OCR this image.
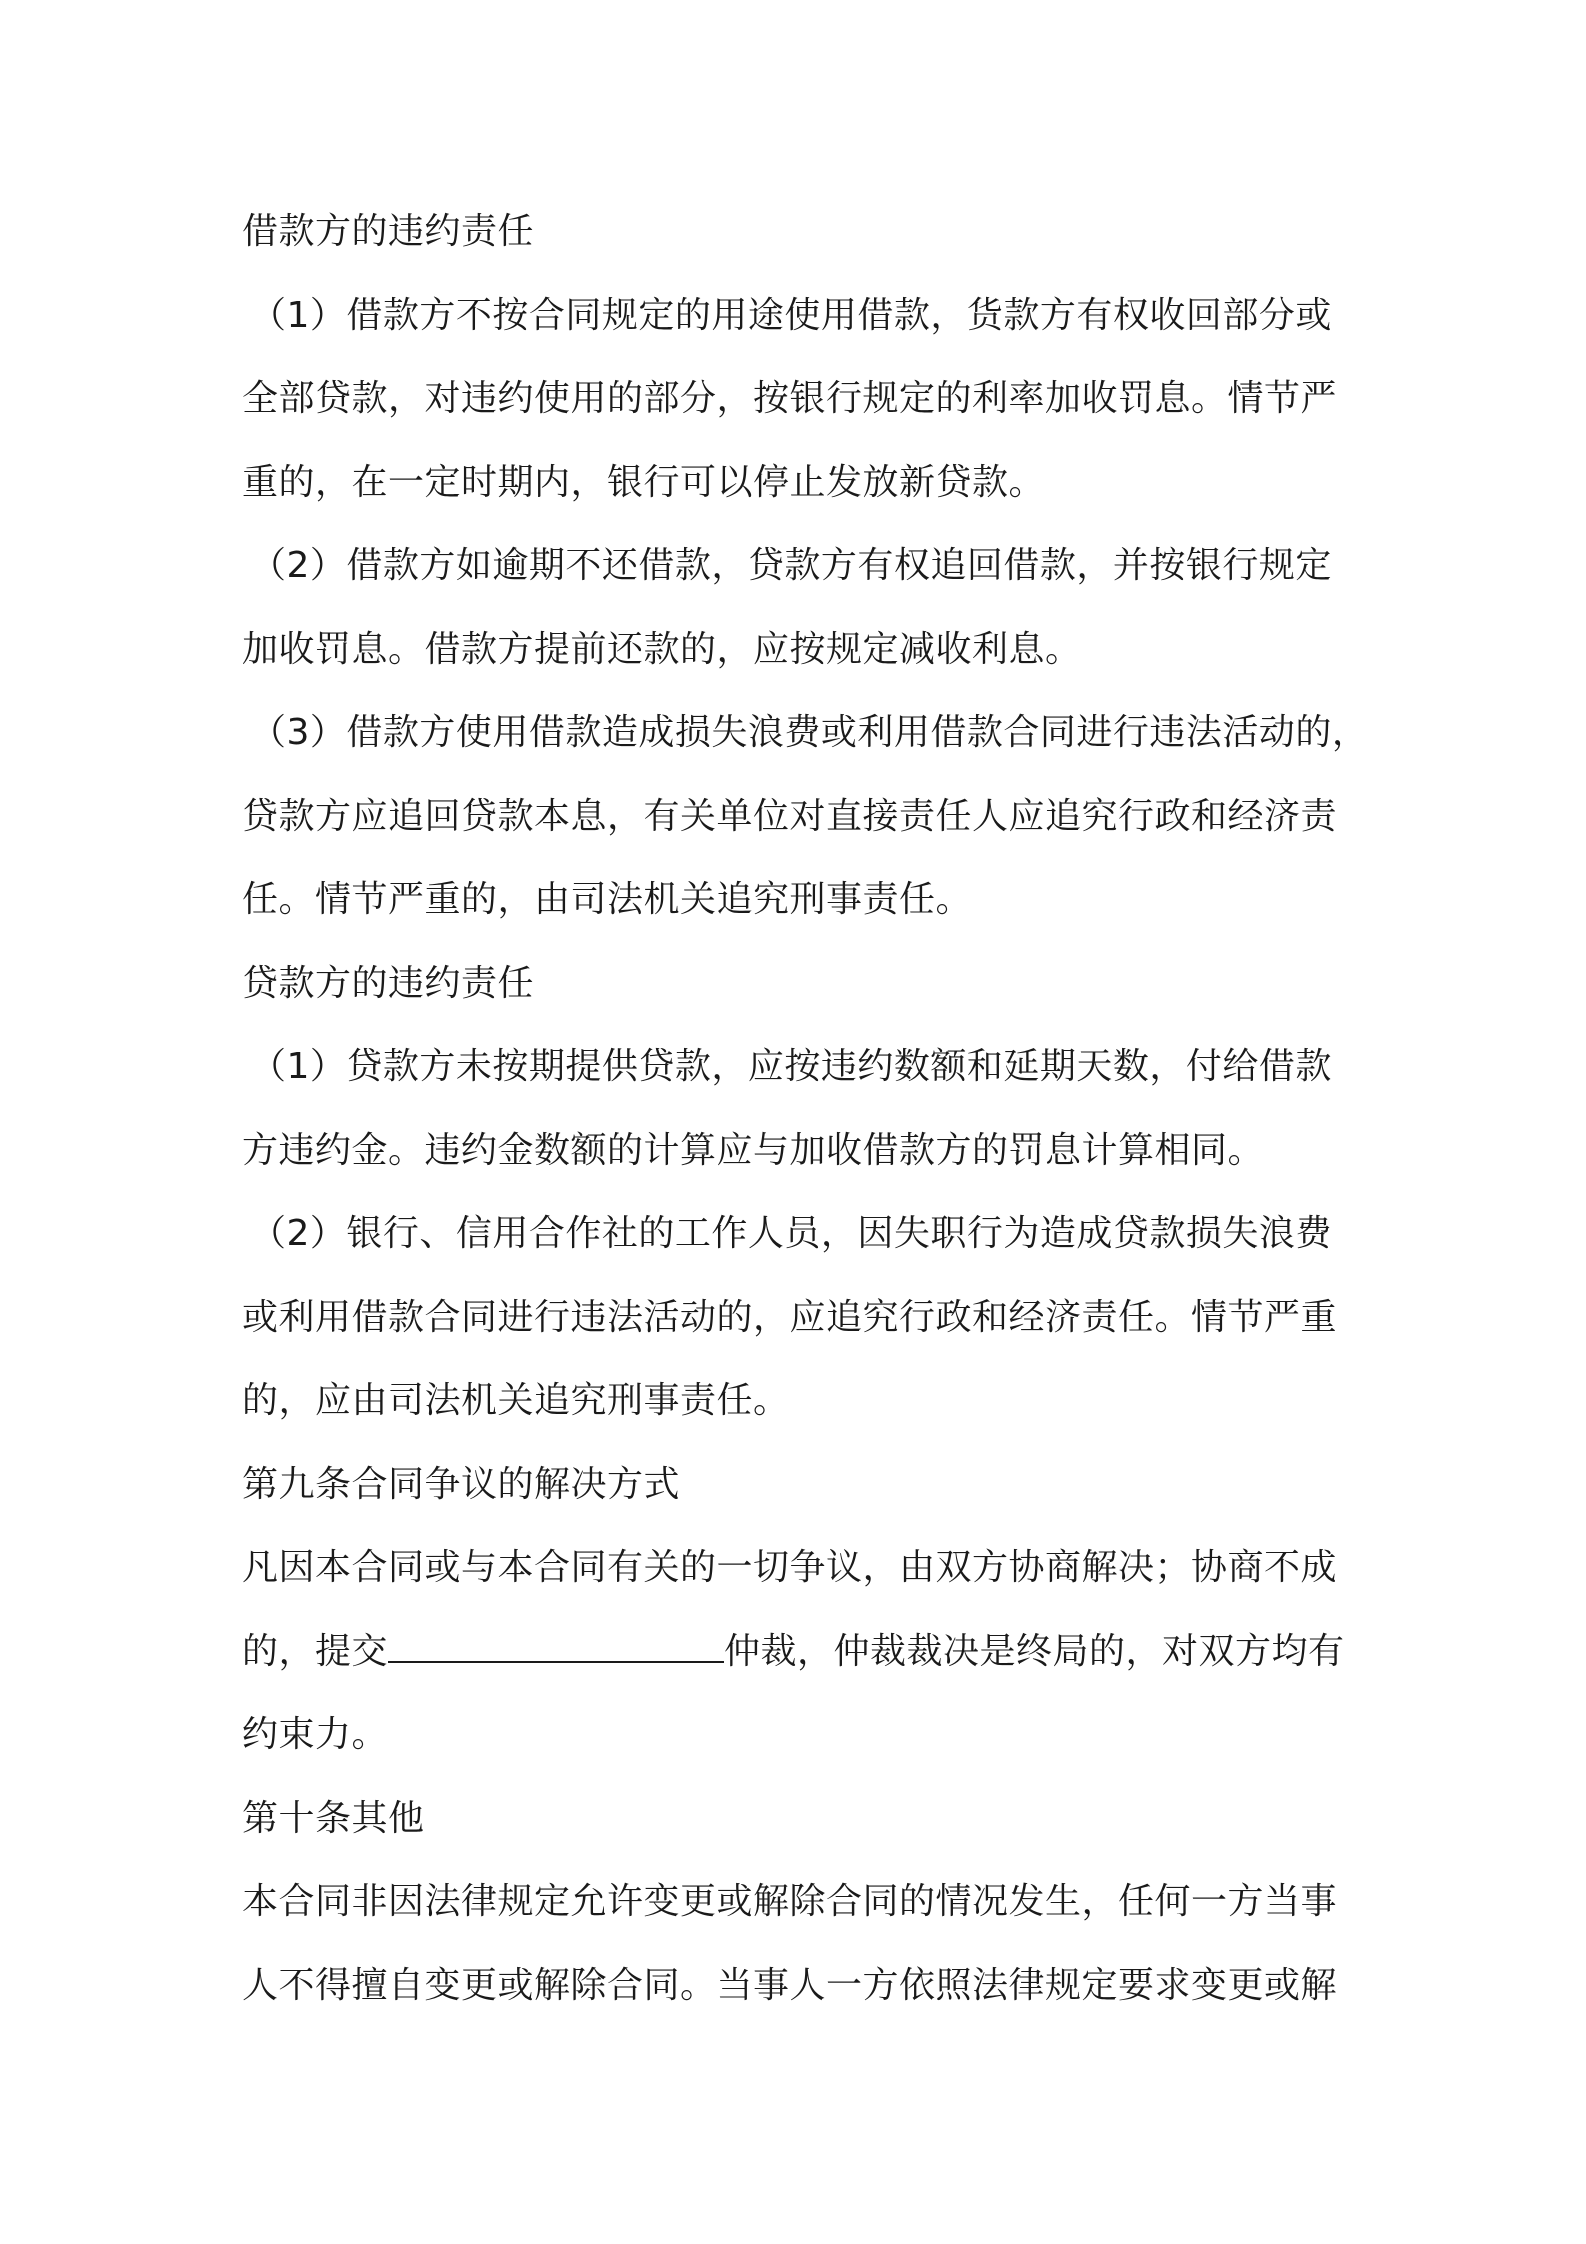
借款方的违约责任
（1）借款方不按合同规定的用途使用借款，货款方有权收回部分或
全部贷款，对违约使用的部分，按银行规定的利率加收罚息。情节严
重的，在一定时期内，银行可以停止发放新贷款。
（2）借款方如逾期不还借款，贷款方有权追回借款，并按银行规定
加收罚息。借款方提前还款的，应按规定减收利息。
（3）借款方使用借款造成损失浪费或利用借款合同进行违法活动的，
贷款方应追回贷款本息，有关单位对直接责任人应追究行政和经济责
任。情节严重的，由司法机关追究刑事责任。
贷款方的违约责任
（1）贷款方未按期提供贷款，应按违约数额和延期天数，付给借款
方违约金。违约金数额的计算应与加收借款方的罚息计算相同。
（2）银行、信用合作社的工作人员，因失职行为造成贷款损失浪费
或利用借款合同进行违法活动的，应追究行政和经济责任。情节严重
的，应由司法机关追究刑事责任。
第九条合同争议的解决方式
凡因本合同或与本合同有关的一切争议，由双方协商解决；协商不成
的，提交	仲裁，仲裁裁决是终局的，对双方均有
约束力。
第十条其他
本合同非因法律规定允许变更或解除合同的情况发生，任何一方当事
人不得擅自变更或解除合同。当事人一方依照法律规定要求变更或解
